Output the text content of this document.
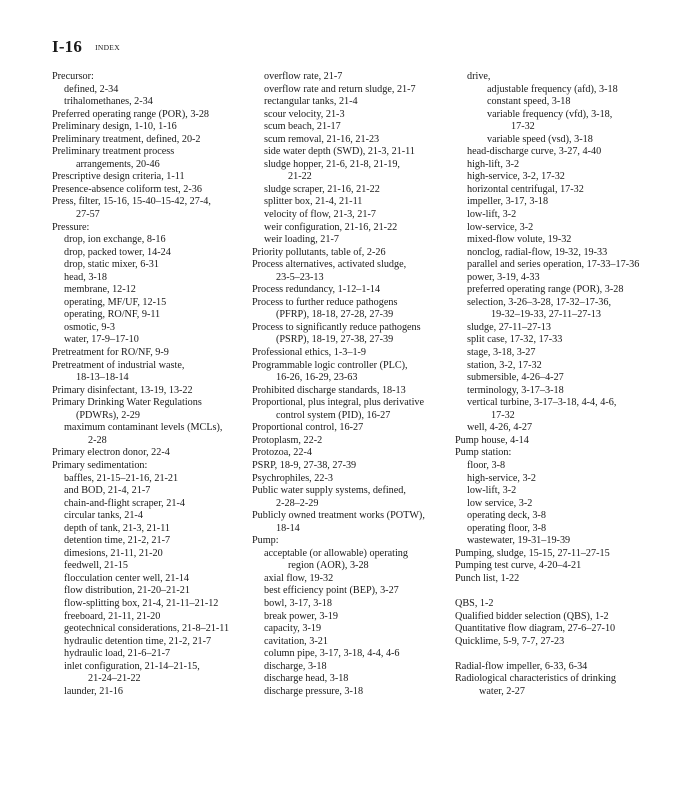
I-16 INDEX
Precursor:
defined, 2-34
trihalomethanes, 2-34
Preferred operating range (POR), 3-28
Preliminary design, 1-10, 1-16
Preliminary treatment, defined, 20-2
Preliminary treatment process
arrangements, 20-46
Prescriptive design criteria, 1-11
Presence-absence coliform test, 2-36
Press, filter, 15-16, 15-40–15-42, 27-4,
27-57
Pressure:
drop, ion exchange, 8-16
drop, packed tower, 14-24
drop, static mixer, 6-31
head, 3-18
membrane, 12-12
operating, MF/UF, 12-15
operating, RO/NF, 9-11
osmotic, 9-3
water, 17-9–17-10
Pretreatment for RO/NF, 9-9
Pretreatment of industrial waste,
18-13–18-14
Primary disinfectant, 13-19, 13-22
Primary Drinking Water Regulations
(PDWRs), 2-29
maximum contaminant levels (MCLs),
2-28
Primary electron donor, 22-4
Primary sedimentation:
baffles, 21-15–21-16, 21-21
and BOD, 21-4, 21-7
chain-and-flight scraper, 21-4
circular tanks, 21-4
depth of tank, 21-3, 21-11
detention time, 21-2, 21-7
dimesions, 21-11, 21-20
feedwell, 21-15
flocculation center well, 21-14
flow distribution, 21-20–21-21
flow-splitting box, 21-4, 21-11–21-12
freeboard, 21-11, 21-20
geotechnical considerations, 21-8–21-11
hydraulic detention time, 21-2, 21-7
hydraulic load, 21-6–21-7
inlet configuration, 21-14–21-15,
21-24–21-22
launder, 21-16
overflow rate, 21-7
overflow rate and return sludge, 21-7
rectangular tanks, 21-4
scour velocity, 21-3
scum beach, 21-17
scum removal, 21-16, 21-23
side water depth (SWD), 21-3, 21-11
sludge hopper, 21-6, 21-8, 21-19,
21-22
sludge scraper, 21-16, 21-22
splitter box, 21-4, 21-11
velocity of flow, 21-3, 21-7
weir configuration, 21-16, 21-22
weir loading, 21-7
Priority pollutants, table of, 2-26
Process alternatives, activated sludge,
23-5–23-13
Process redundancy, 1-12–1-14
Process to further reduce pathogens
(PFRP), 18-18, 27-28, 27-39
Process to significantly reduce pathogens
(PSRP), 18-19, 27-38, 27-39
Professional ethics, 1-3–1-9
Programmable logic controller (PLC),
16-26, 16-29, 23-63
Prohibited discharge standards, 18-13
Proportional, plus integral, plus derivative
control system (PID), 16-27
Proportional control, 16-27
Protoplasm, 22-2
Protozoa, 22-4
PSRP, 18-9, 27-38, 27-39
Psychrophiles, 22-3
Public water supply systems, defined,
2-28–2-29
Publicly owned treatment works (POTW),
18-14
Pump:
acceptable (or allowable) operating
region (AOR), 3-28
axial flow, 19-32
best efficiency point (BEP), 3-27
bowl, 3-17, 3-18
break power, 3-19
capacity, 3-19
cavitation, 3-21
column pipe, 3-17, 3-18, 4-4, 4-6
discharge, 3-18
discharge head, 3-18
discharge pressure, 3-18
drive,
adjustable frequency (afd), 3-18
constant speed, 3-18
variable frequency (vfd), 3-18,
17-32
variable speed (vsd), 3-18
head-discharge curve, 3-27, 4-40
high-lift, 3-2
high-service, 3-2, 17-32
horizontal centrifugal, 17-32
impeller, 3-17, 3-18
low-lift, 3-2
low-service, 3-2
mixed-flow volute, 19-32
nonclog, radial-flow, 19-32, 19-33
parallel and series operation, 17-33–17-36
power, 3-19, 4-33
preferred operating range (POR), 3-28
selection, 3-26–3-28, 17-32–17-36,
19-32–19-33, 27-11–27-13
sludge, 27-11–27-13
split case, 17-32, 17-33
stage, 3-18, 3-27
station, 3-2, 17-32
submersible, 4-26–4-27
terminology, 3-17–3-18
vertical turbine, 3-17–3-18, 4-4, 4-6,
17-32
well, 4-26, 4-27
Pump house, 4-14
Pump station:
floor, 3-8
high-service, 3-2
low-lift, 3-2
low service, 3-2
operating deck, 3-8
operating floor, 3-8
wastewater, 19-31–19-39
Pumping, sludge, 15-15, 27-11–27-15
Pumping test curve, 4-20–4-21
Punch list, 1-22
QBS, 1-2
Qualified bidder selection (QBS), 1-2
Quantitative flow diagram, 27-6–27-10
Quicklime, 5-9, 7-7, 27-23
Radial-flow impeller, 6-33, 6-34
Radiological characteristics of drinking
water, 2-27
